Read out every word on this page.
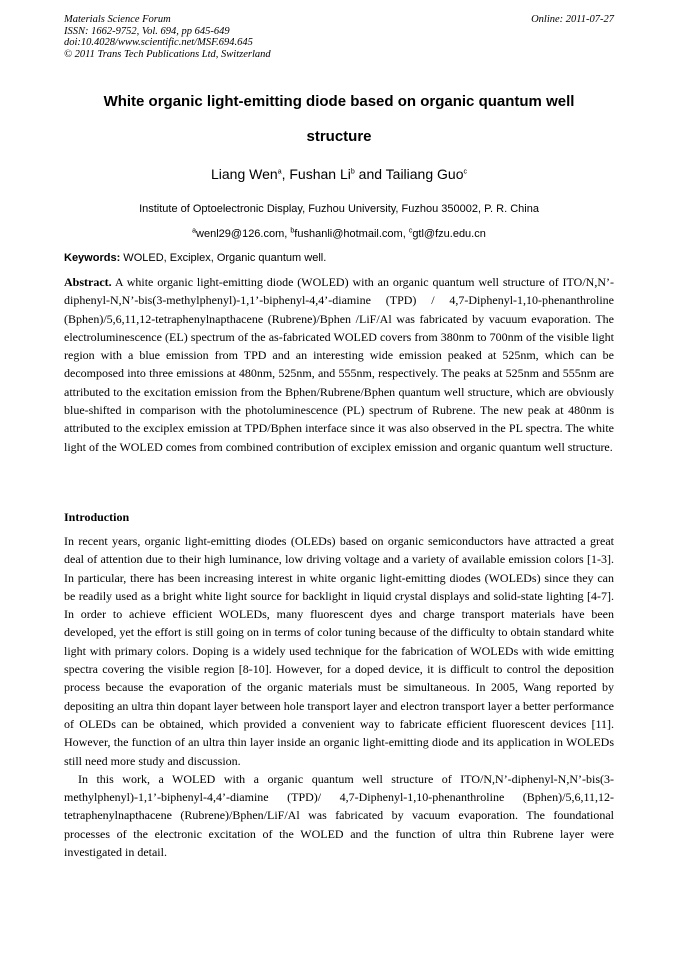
Materials Science Forum
ISSN: 1662-9752, Vol. 694, pp 645-649
doi:10.4028/www.scientific.net/MSF.694.645
© 2011 Trans Tech Publications Ltd, Switzerland
Online: 2011-07-27
White organic light-emitting diode based on organic quantum well
structure
Liang Wen$^a$, Fushan Li$^b$ and Tailiang Guo$^c$
Institute of Optoelectronic Display, Fuzhou University, Fuzhou 350002, P. R. China
$^a$wenl29@126.com, $^b$fushanli@hotmail.com, $^c$gtl@fzu.edu.cn
Keywords: WOLED, Exciplex, Organic quantum well.
Abstract. A white organic light-emitting diode (WOLED) with an organic quantum well structure of ITO/N,N’-diphenyl-N,N’-bis(3-methylphenyl)-1,1’-biphenyl-4,4’-diamine (TPD) / 4,7-Diphenyl-1,10-phenanthroline (Bphen)/5,6,11,12-tetraphenylnapthacene (Rubrene)/Bphen /LiF/Al was fabricated by vacuum evaporation. The electroluminescence (EL) spectrum of the as-fabricated WOLED covers from 380nm to 700nm of the visible light region with a blue emission from TPD and an interesting wide emission peaked at 525nm, which can be decomposed into three emissions at 480nm, 525nm, and 555nm, respectively. The peaks at 525nm and 555nm are attributed to the excitation emission from the Bphen/Rubrene/Bphen quantum well structure, which are obviously blue-shifted in comparison with the photoluminescence (PL) spectrum of Rubrene. The new peak at 480nm is attributed to the exciplex emission at TPD/Bphen interface since it was also observed in the PL spectra. The white light of the WOLED comes from combined contribution of exciplex emission and organic quantum well structure.
Introduction

In recent years, organic light-emitting diodes (OLEDs) based on organic semiconductors have attracted a great deal of attention due to their high luminance, low driving voltage and a variety of available emission colors [1-3]. In particular, there has been increasing interest in white organic light-emitting diodes (WOLEDs) since they can be readily used as a bright white light source for backlight in liquid crystal displays and solid-state lighting [4-7]. In order to achieve efficient WOLEDs, many fluorescent dyes and charge transport materials have been developed, yet the effort is still going on in terms of color tuning because of the difficulty to obtain standard white light with primary colors. Doping is a widely used technique for the fabrication of WOLEDs with wide emitting spectra covering the visible region [8-10]. However, for a doped device, it is difficult to control the deposition process because the evaporation of the organic materials must be simultaneous. In 2005, Wang reported by depositing an ultra thin dopant layer between hole transport layer and electron transport layer a better performance of OLEDs can be obtained, which provided a convenient way to fabricate efficient fluorescent devices [11]. However, the function of an ultra thin layer inside an organic light-emitting diode and its application in WOLEDs still need more study and discussion.

In this work, a WOLED with a organic quantum well structure of ITO/N,N’-diphenyl-N,N’-bis(3-methylphenyl)-1,1’-biphenyl-4,4’-diamine (TPD)/ 4,7-Diphenyl-1,10-phenanthroline (Bphen)/5,6,11,12-tetraphenylnapthacene (Rubrene)/Bphen/LiF/Al was fabricated by vacuum evaporation. The foundational processes of the electronic excitation of the WOLED and the function of ultra thin Rubrene layer were investigated in detail.
